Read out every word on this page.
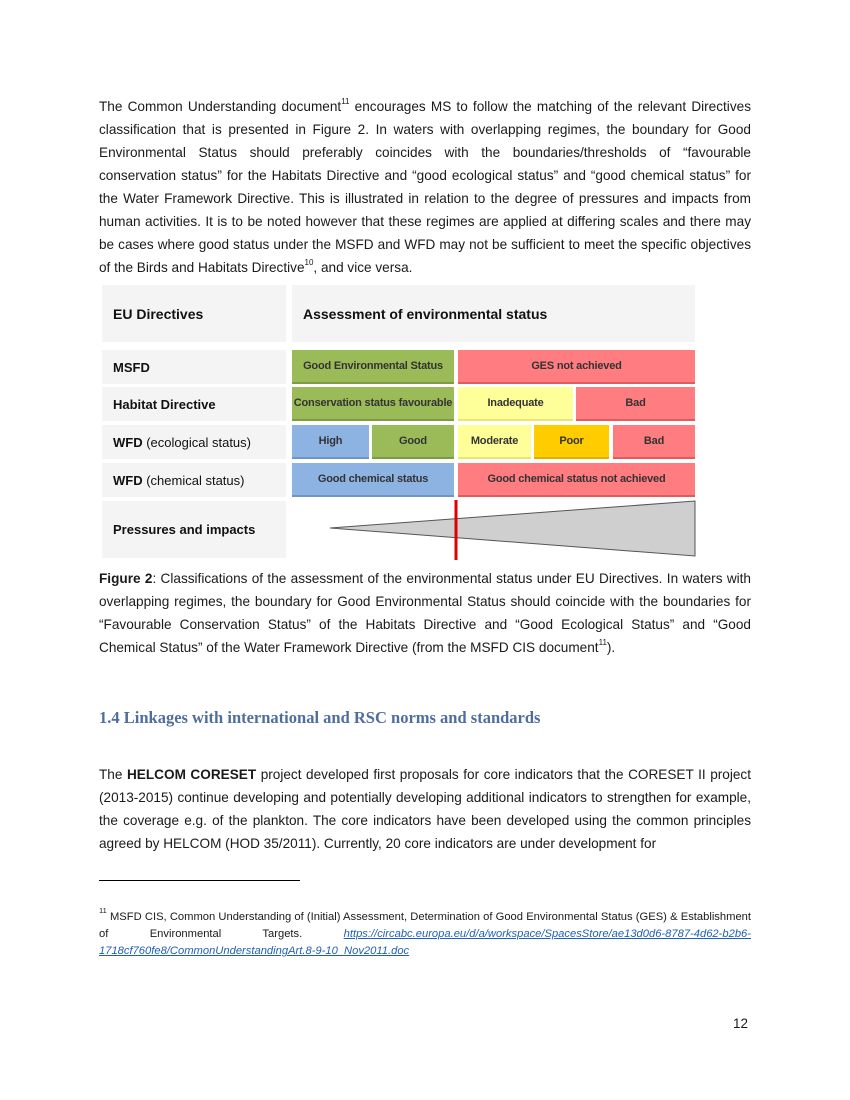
The Common Understanding document$^{11}$ encourages MS to follow the matching of the relevant Directives classification that is presented in Figure 2. In waters with overlapping regimes, the boundary for Good Environmental Status should preferably coincides with the boundaries/thresholds of “favourable conservation status” for the Habitats Directive and “good ecological status” and “good chemical status” for the Water Framework Directive. This is illustrated in relation to the degree of pressures and impacts from human activities. It is to be noted however that these regimes are applied at differing scales and there may be cases where good status under the MSFD and WFD may not be sufficient to meet the specific objectives of the Birds and Habitats Directive$^{10}$, and vice versa.

EU Directives	Assessment of environmental status
MSFD	Good Environmental Status	GES not achieved
Habitat Directive	Conservation status favourable	Inadequate	Bad
WFD (ecological status)	High	Good	Moderate	Poor	Bad
WFD (chemical status)	Good chemical status	Good chemical status not achieved
Pressures and impacts

Figure 2: Classifications of the assessment of the environmental status under EU Directives. In waters with overlapping regimes, the boundary for Good Environmental Status should coincide with the boundaries for “Favourable Conservation Status” of the Habitats Directive and “Good Ecological Status” and “Good Chemical Status” of the Water Framework Directive (from the MSFD CIS document$^{11}$).

1.4 Linkages with international and RSC norms and standards

The HELCOM CORESET project developed first proposals for core indicators that the CORESET II project (2013-2015) continue developing and potentially developing additional indicators to strengthen for example, the coverage e.g. of the plankton. The core indicators have been developed using the common principles agreed by HELCOM (HOD 35/2011). Currently, 20 core indicators are under development for

$^{11}$ MSFD CIS, Common Understanding of (Initial) Assessment, Determination of Good Environmental Status (GES) & Establishment of Environmental Targets. https://circabc.europa.eu/d/a/workspace/SpacesStore/ae13d0d6-8787-4d62-b2b6-1718cf760fe8/CommonUnderstandingArt.8-9-10_Nov2011.doc

12
